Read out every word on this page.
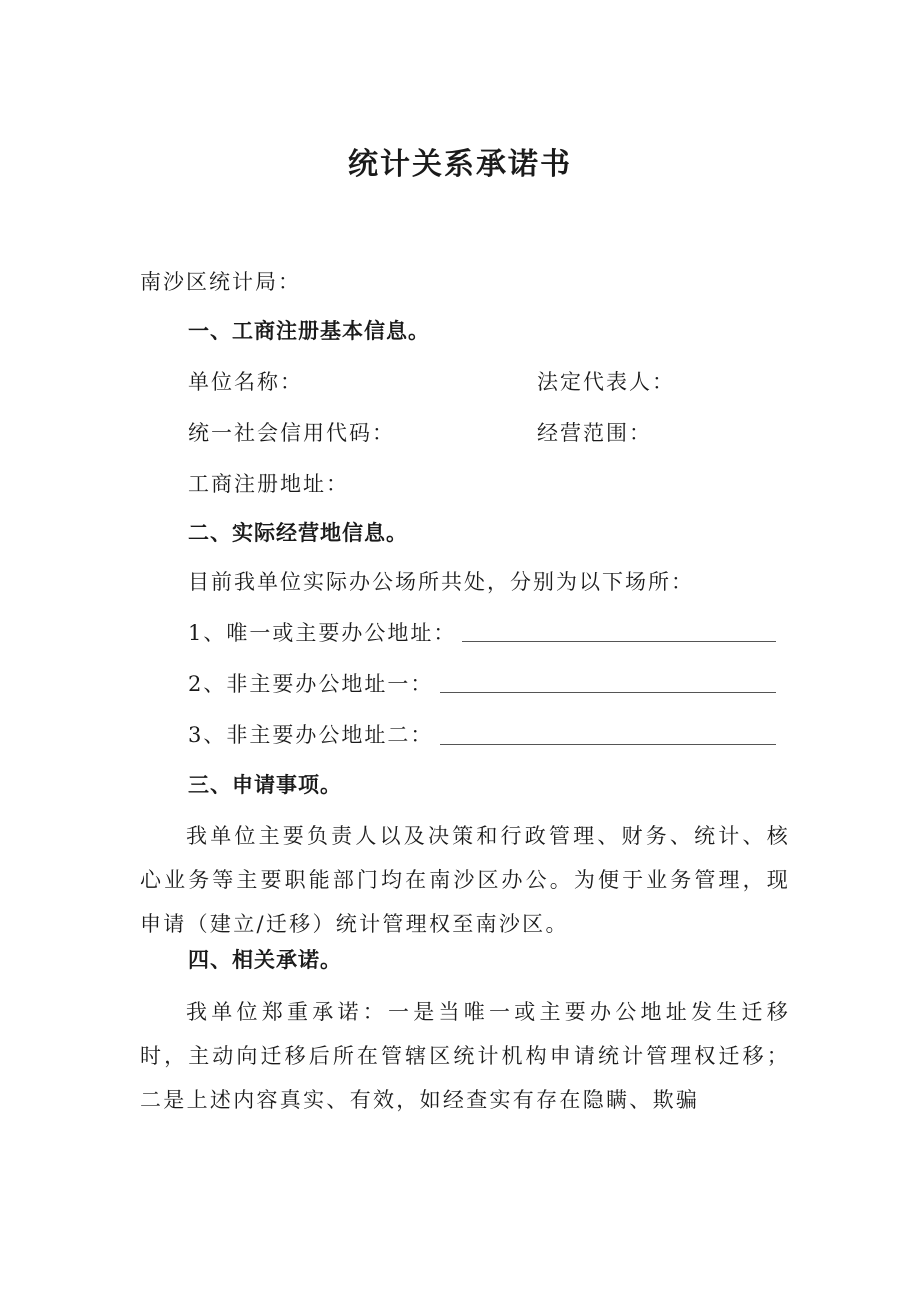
统计关系承诺书
南沙区统计局：
一、工商注册基本信息。
单位名称：	法定代表人：
统一社会信用代码：	经营范围：
工商注册地址：
二、实际经营地信息。
目前我单位实际办公场所共处，分别为以下场所：
1、唯一或主要办公地址：
2、非主要办公地址一：
3、非主要办公地址二：
三、申请事项。
我单位主要负责人以及决策和行政管理、财务、统计、核心业务等主要职能部门均在南沙区办公。为便于业务管理，现申请（建立/迁移）统计管理权至南沙区。
四、相关承诺。
我单位郑重承诺：一是当唯一或主要办公地址发生迁移时，主动向迁移后所在管辖区统计机构申请统计管理权迁移；二是上述内容真实、有效，如经查实有存在隐瞒、欺骗
